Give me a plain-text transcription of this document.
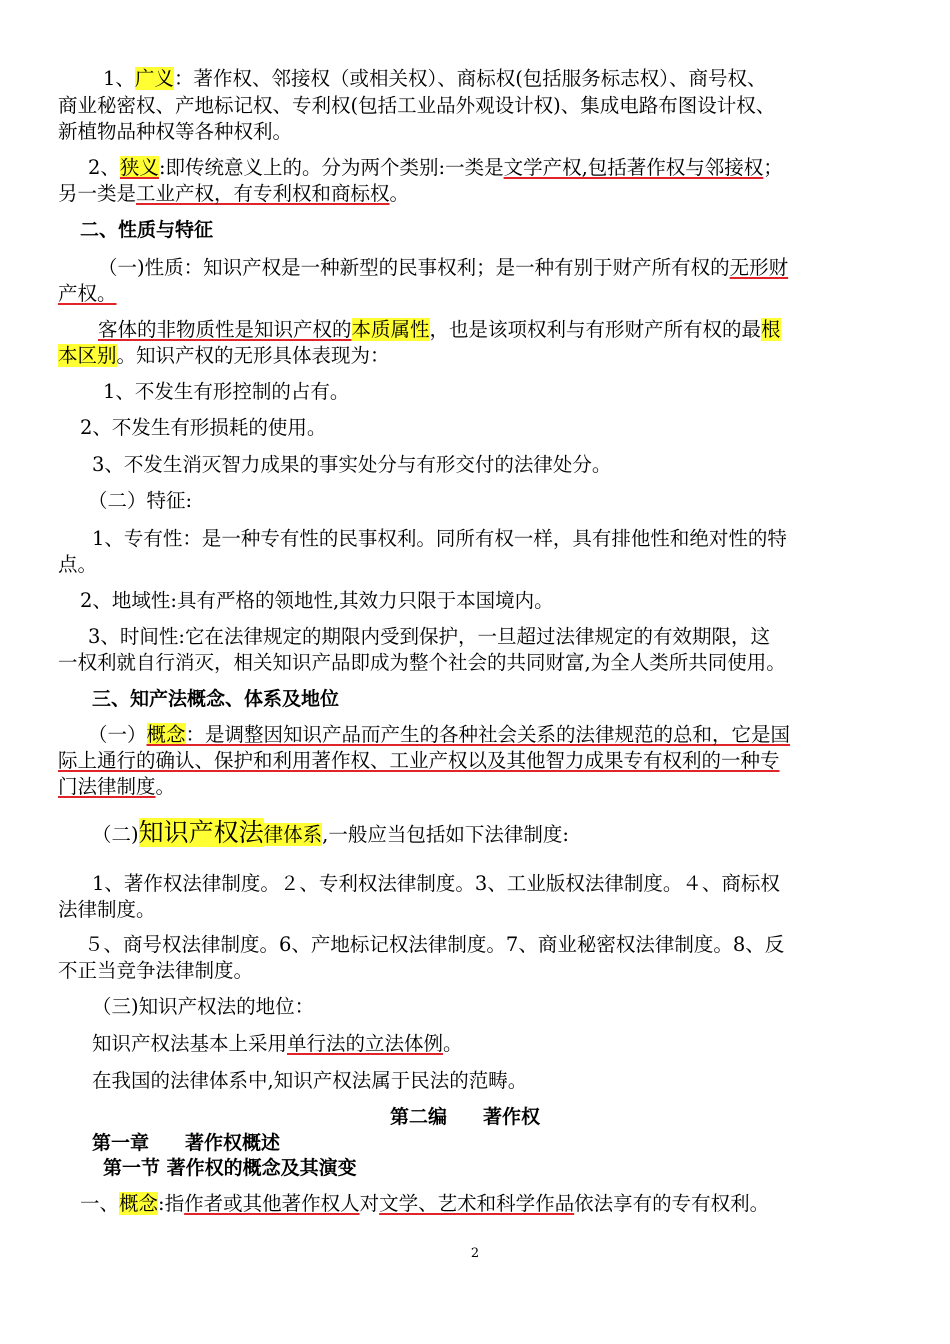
1、广义：著作权、邻接权（或相关权）、商标权(包括服务标志权）、商号权、
商业秘密权、产地标记权、专利权(包括工业品外观设计权)、集成电路布图设计权、
新植物品种权等各种权利。
2、狭义:即传统意义上的。分为两个类别:一类是文学产权,包括著作权与邻接权；
另一类是工业产权，有专利权和商标权。
二、性质与特征
（一)性质：知识产权是一种新型的民事权利；是一种有别于财产所有权的无形财
产权。
客体的非物质性是知识产权的本质属性，也是该项权利与有形财产所有权的最根
本区别。知识产权的无形具体表现为：
1、不发生有形控制的占有。
2、不发生有形损耗的使用。
3、不发生消灭智力成果的事实处分与有形交付的法律处分。
（二）特征:
1、专有性：是一种专有性的民事权利。同所有权一样，具有排他性和绝对性的特
点。
2、地域性:具有严格的领地性,其效力只限于本国境内。
3、时间性:它在法律规定的期限内受到保护，一旦超过法律规定的有效期限，这
一权利就自行消灭，相关知识产品即成为整个社会的共同财富,为全人类所共同使用。
三、知产法概念、体系及地位
（一）概念：是调整因知识产品而产生的各种社会关系的法律规范的总和，它是国
际上通行的确认、保护和利用著作权、工业产权以及其他智力成果专有权利的一种专
门法律制度。
（二)知识产权法律体系,一般应当包括如下法律制度:
1、著作权法律制度。２、专利权法律制度。3、工业版权法律制度。４、商标权
法律制度。
５、商号权法律制度。6、产地标记权法律制度。7、商业秘密权法律制度。8、反
不正当竞争法律制度。
（三)知识产权法的地位：
知识产权法基本上采用单行法的立法体例。
在我国的法律体系中,知识产权法属于民法的范畴。
第二编 著作权
第一章 著作权概述
第一节 著作权的概念及其演变
一、概念:指作者或其他著作权人对文学、艺术和科学作品依法享有的专有权利。
2
